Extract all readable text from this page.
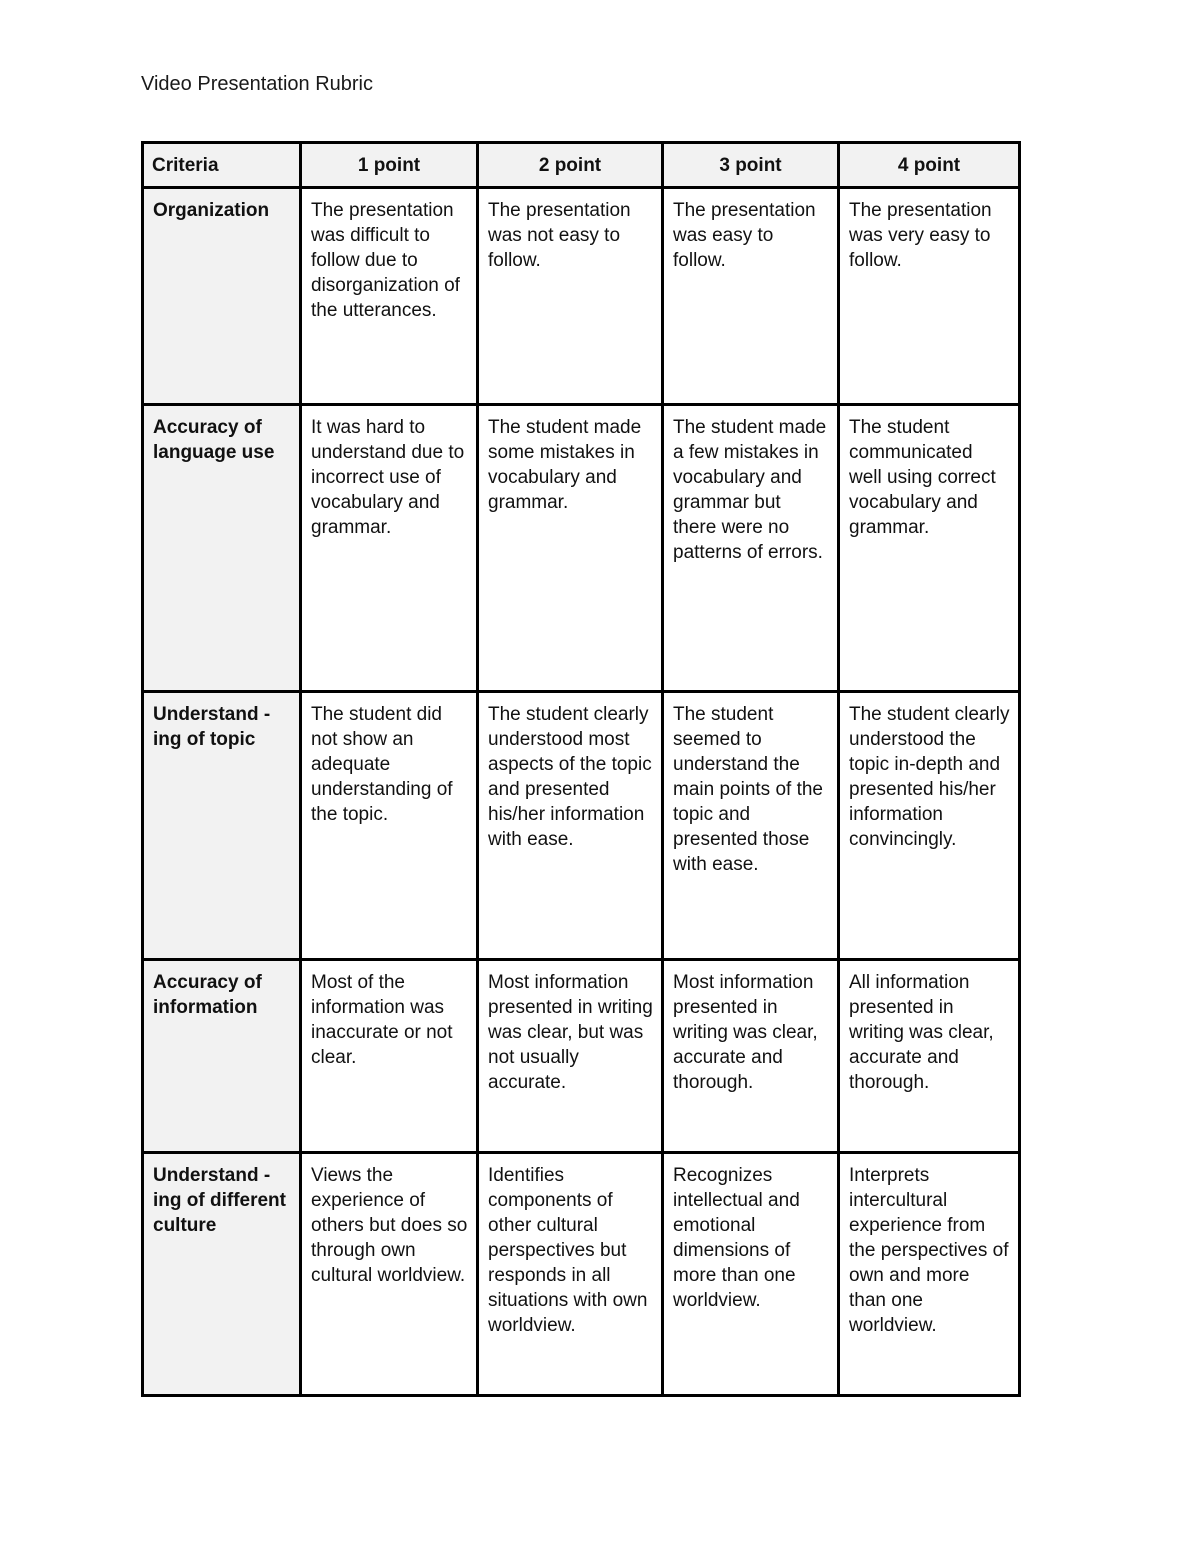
Video Presentation Rubric
Criteria	1 point	2 point	3 point	4 point
Organization	The presentation was difficult to follow due to disorganization of the utterances.	The presentation was not easy to follow.	The presentation was easy to follow.	The presentation was very easy to follow.
Accuracy of language use	It was hard to understand due to incorrect use of vocabulary and grammar.	The student made some mistakes in vocabulary and grammar.	The student made a few mistakes in vocabulary and grammar but there were no patterns of errors.	The student communicated well using correct vocabulary and grammar.
Understand -ing of topic	The student did not show an adequate understanding of the topic.	The student clearly understood most aspects of the topic and presented his/her information with ease.	The student seemed to understand the main points of the topic and presented those with ease.	The student clearly understood the topic in-depth and presented his/her information convincingly.
Accuracy of information	Most of the information was inaccurate or not clear.	Most information presented in writing was clear, but was not usually accurate.	Most information presented in writing was clear, accurate and thorough.	All information presented in writing was clear, accurate and thorough.
Understand -ing of different culture	Views the experience of others but does so through own cultural worldview.	Identifies components of other cultural perspectives but responds in all situations with own worldview.	Recognizes intellectual and emotional dimensions of more than one worldview.	Interprets intercultural experience from the perspectives of own and more than one worldview.
